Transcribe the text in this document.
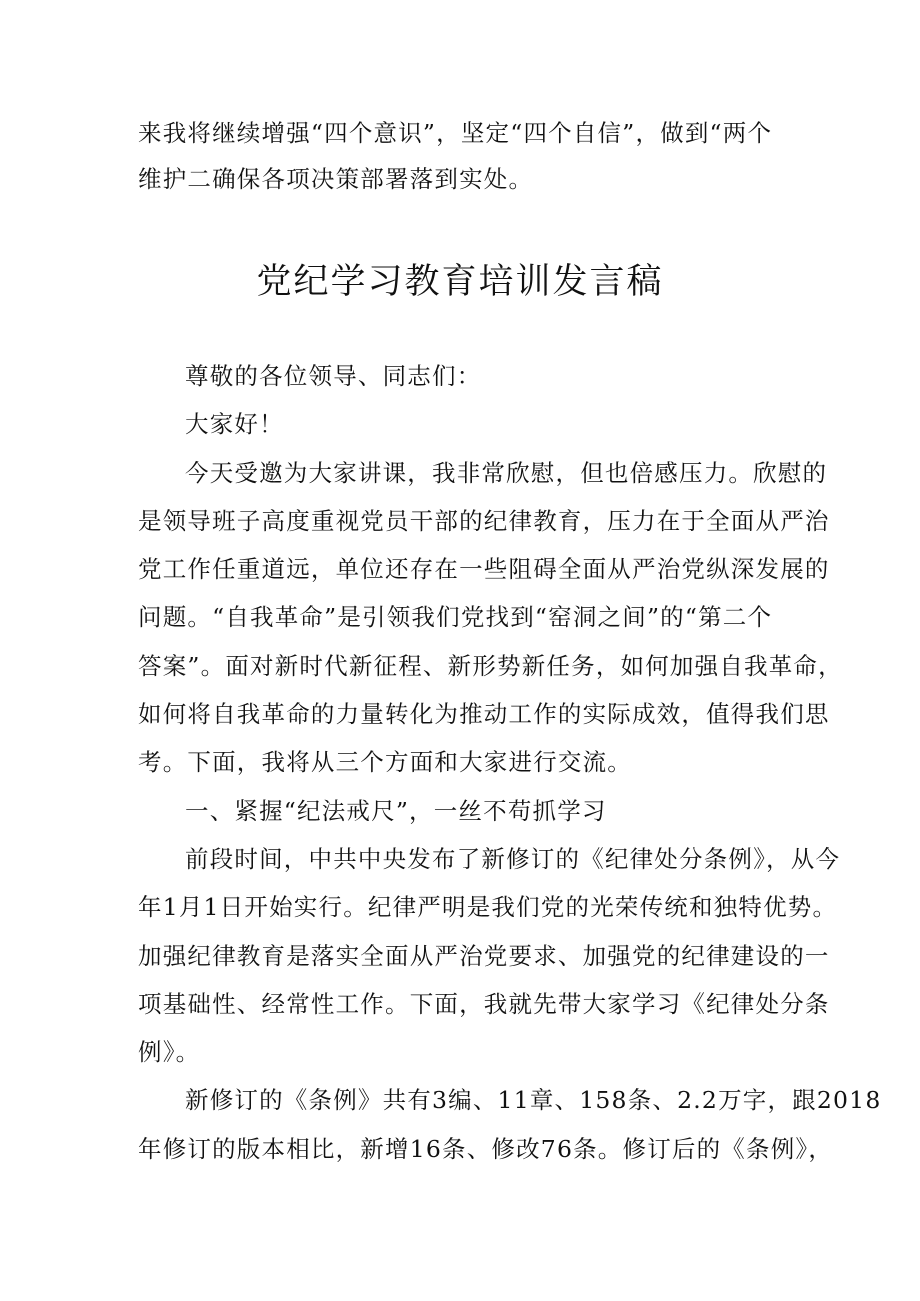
来我将继续增强“四个意识”，坚定“四个自信”，做到“两个
维护二确保各项决策部署落到实处。
党纪学习教育培训发言稿
尊敬的各位领导、同志们：
大家好！
今天受邀为大家讲课，我非常欣慰，但也倍感压力。欣慰的
是领导班子高度重视党员干部的纪律教育，压力在于全面从严治
党工作任重道远，单位还存在一些阻碍全面从严治党纵深发展的
问题。“自我革命”是引领我们党找到“窑洞之间”的“第二个
答案”。面对新时代新征程、新形势新任务，如何加强自我革命，
如何将自我革命的力量转化为推动工作的实际成效，值得我们思
考。下面，我将从三个方面和大家进行交流。
一、紧握“纪法戒尺”，一丝不苟抓学习
前段时间，中共中央发布了新修订的《纪律处分条例》，从今
年1月1日开始实行。纪律严明是我们党的光荣传统和独特优势。
加强纪律教育是落实全面从严治党要求、加强党的纪律建设的一
项基础性、经常性工作。下面，我就先带大家学习《纪律处分条
例》。
新修订的《条例》共有3编、11章、158条、2.2万字，跟2018
年修订的版本相比，新增16条、修改76条。修订后的《条例》，
